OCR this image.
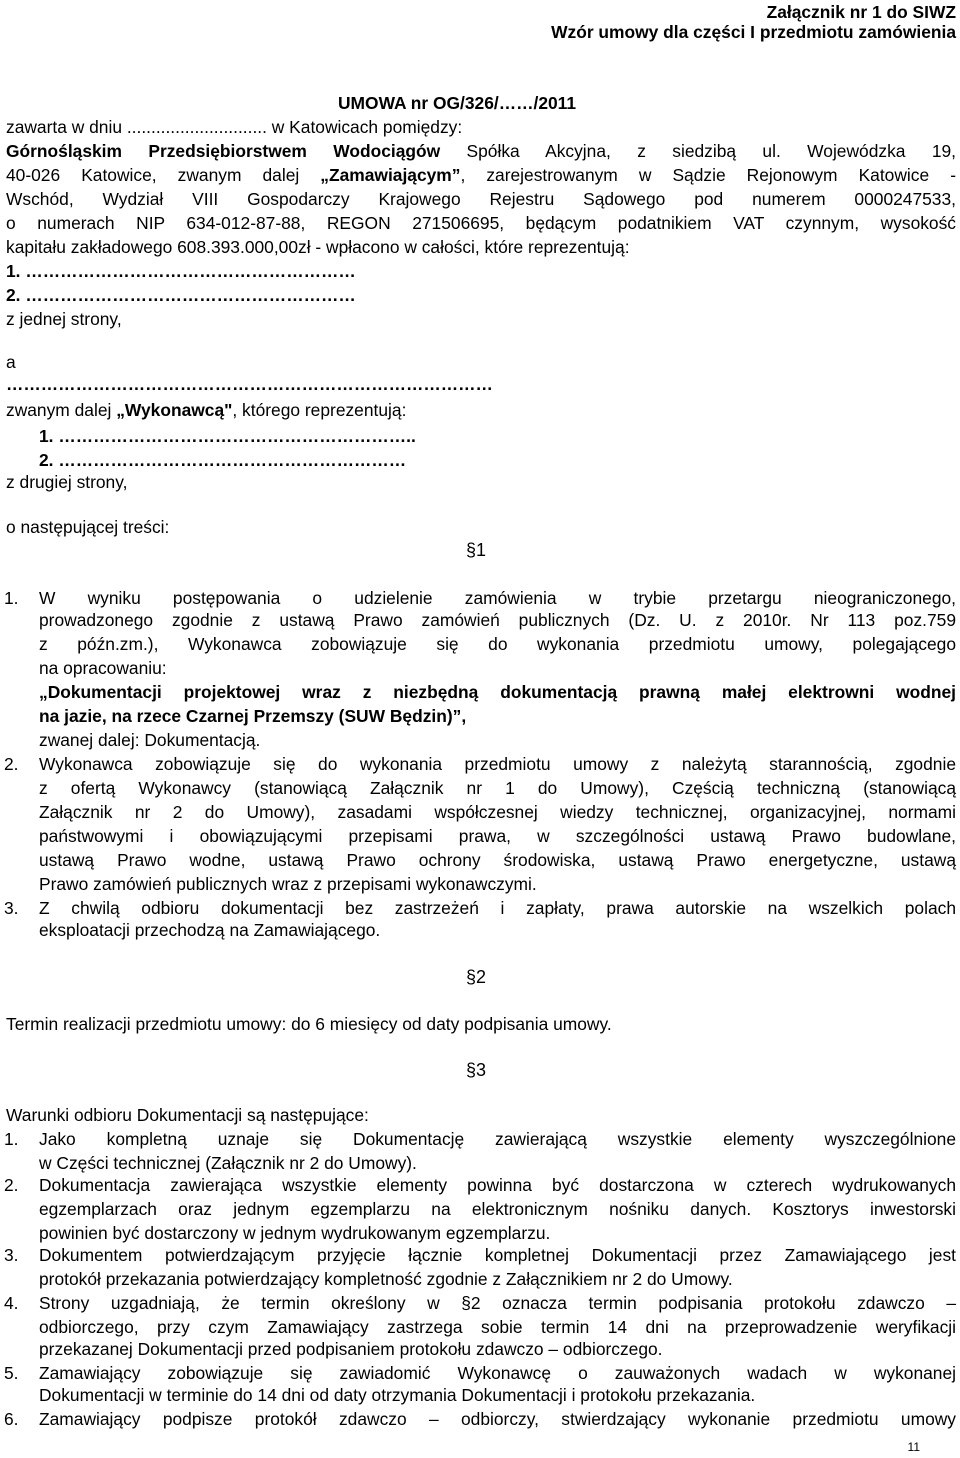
Załącznik nr 1 do SIWZ
Wzór umowy dla części I przedmiotu zamówienia
UMOWA nr OG/326/……/2011
zawarta w dniu ............................. w Katowicach pomiędzy:
Górnośląskim Przedsiębiorstwem Wodociągów Spółka Akcyjna, z siedzibą ul. Wojewódzka 19,
40-026 Katowice, zwanym dalej „Zamawiającym”, zarejestrowanym w Sądzie Rejonowym Katowice -
Wschód, Wydział VIII Gospodarczy Krajowego Rejestru Sądowego pod numerem 0000247533,
o numerach NIP 634-012-87-88, REGON 271506695, będącym podatnikiem VAT czynnym, wysokość
kapitału zakładowego 608.393.000,00zł - wpłacono w całości, które reprezentują:
1. …………………………………………………
2. …………………………………………………
z jednej strony,
a
…………………………………………………………………………
zwanym dalej „Wykonawcą", którego reprezentują:
1. ……………………………………………………..
2. ……………………………………………………
z drugiej strony,
o następującej treści:
§1
1. W wyniku postępowania o udzielenie zamówienia w trybie przetargu nieograniczonego,
prowadzonego zgodnie z ustawą Prawo zamówień publicznych (Dz. U. z 2010r. Nr 113 poz.759
z późn.zm.), Wykonawca zobowiązuje się do wykonania przedmiotu umowy, polegającego
na opracowaniu:
„Dokumentacji projektowej wraz z niezbędną dokumentacją prawną małej elektrowni wodnej
na jazie, na rzece Czarnej Przemszy (SUW Będzin)”,
zwanej dalej: Dokumentacją.
2. Wykonawca zobowiązuje się do wykonania przedmiotu umowy z należytą starannością, zgodnie
z ofertą Wykonawcy (stanowiącą Załącznik nr 1 do Umowy), Częścią techniczną (stanowiącą
Załącznik nr 2 do Umowy), zasadami współczesnej wiedzy technicznej, organizacyjnej, normami
państwowymi i obowiązującymi przepisami prawa, w szczególności ustawą Prawo budowlane,
ustawą Prawo wodne, ustawą Prawo ochrony środowiska, ustawą Prawo energetyczne, ustawą
Prawo zamówień publicznych wraz z przepisami wykonawczymi.
3. Z chwilą odbioru dokumentacji bez zastrzeżeń i zapłaty, prawa autorskie na wszelkich polach
eksploatacji przechodzą na Zamawiającego.
§2
Termin realizacji przedmiotu umowy: do 6 miesięcy od daty podpisania umowy.
§3
Warunki odbioru Dokumentacji są następujące:
1. Jako kompletną uznaje się Dokumentację zawierającą wszystkie elementy wyszczególnione
w Części technicznej (Załącznik nr 2 do Umowy).
2. Dokumentacja zawierająca wszystkie elementy powinna być dostarczona w czterech wydrukowanych
egzemplarzach oraz jednym egzemplarzu na elektronicznym nośniku danych. Kosztorys inwestorski
powinien być dostarczony w jednym wydrukowanym egzemplarzu.
3. Dokumentem potwierdzającym przyjęcie łącznie kompletnej Dokumentacji przez Zamawiającego jest
protokół przekazania potwierdzający kompletność zgodnie z Załącznikiem nr 2 do Umowy.
4. Strony uzgadniają, że termin określony w §2 oznacza termin podpisania protokołu zdawczo –
odbiorczego, przy czym Zamawiający zastrzega sobie termin 14 dni na przeprowadzenie weryfikacji
przekazanej Dokumentacji przed podpisaniem protokołu zdawczo – odbiorczego.
5. Zamawiający zobowiązuje się zawiadomić Wykonawcę o zauważonych wadach w wykonanej
Dokumentacji w terminie do 14 dni od daty otrzymania Dokumentacji i protokołu przekazania.
6. Zamawiający podpisze protokół zdawczo – odbiorczy, stwierdzający wykonanie przedmiotu umowy
11
